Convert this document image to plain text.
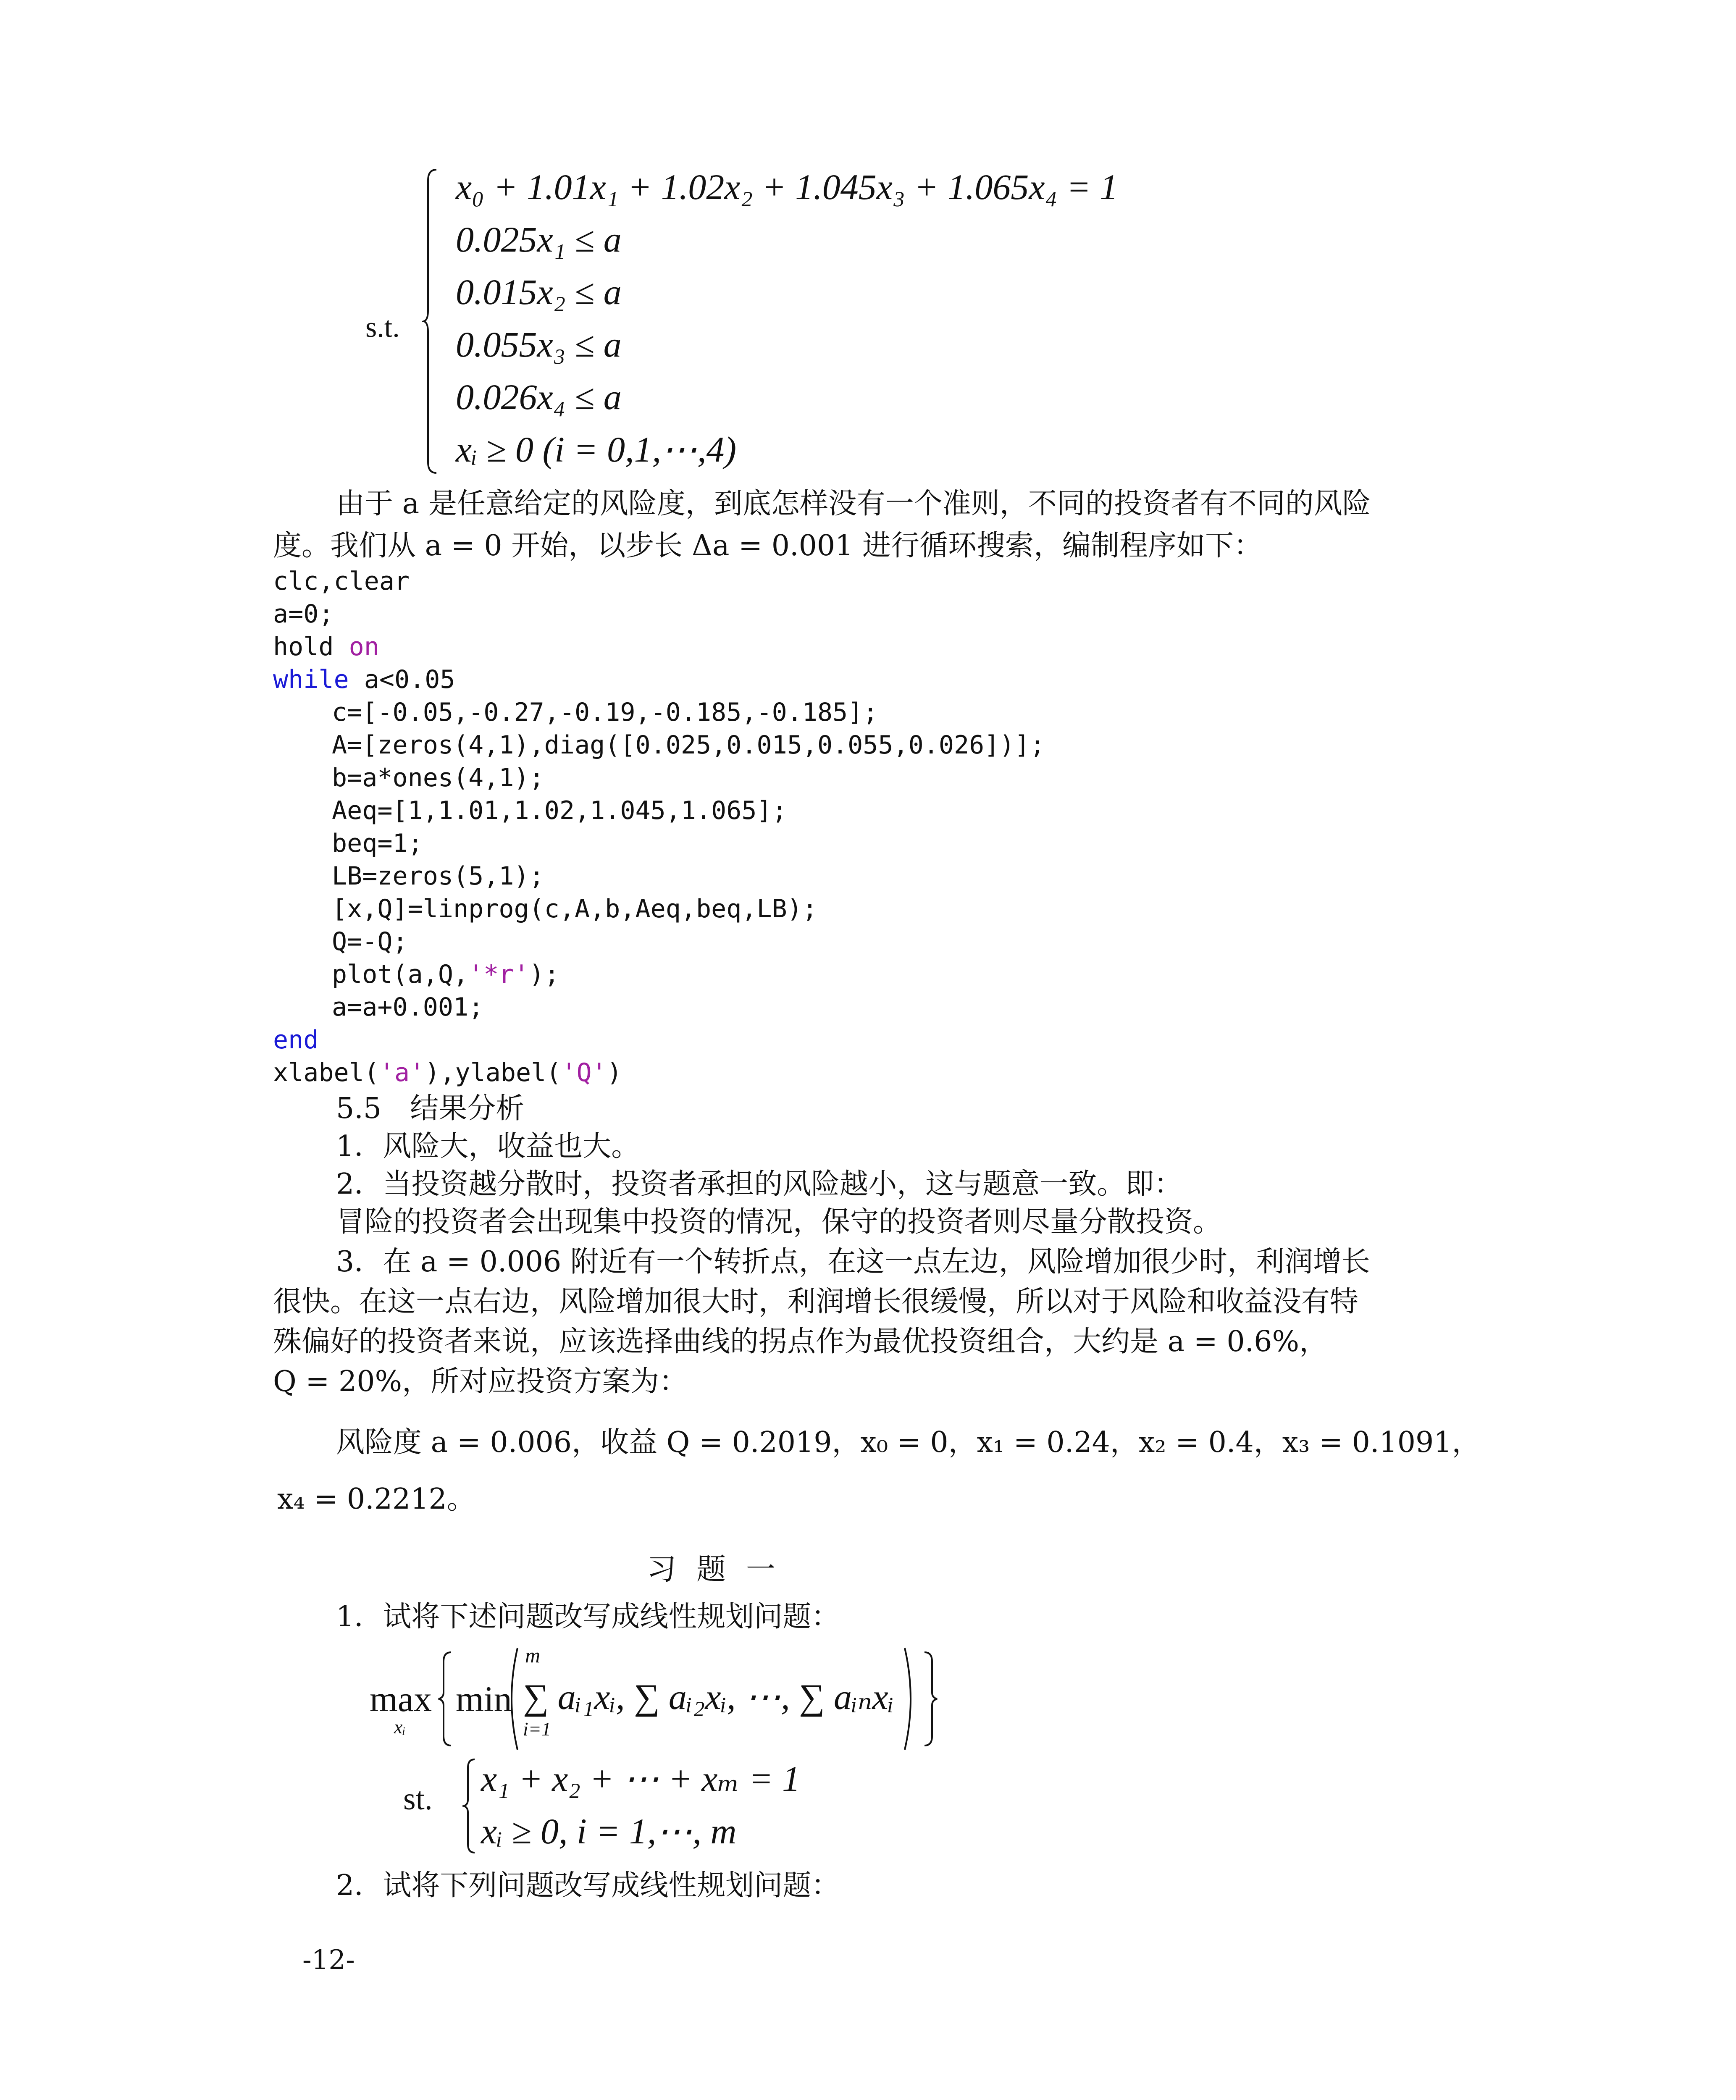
s.t.
x₀ + 1.01x₁ + 1.02x₂ + 1.045x₃ + 1.065x₄ = 1
0.025x₁ ≤ a
0.015x₂ ≤ a
0.055x₃ ≤ a
0.026x₄ ≤ a
xᵢ ≥ 0 (i = 0,1,⋯,4)
由于 a 是任意给定的风险度，到底怎样没有一个准则，不同的投资者有不同的风险
度。我们从 a = 0 开始，以步长 Δa = 0.001 进行循环搜索，编制程序如下：
clc,clear
a=0;
hold on
while a<0.05
c=[-0.05,-0.27,-0.19,-0.185,-0.185];
A=[zeros(4,1),diag([0.025,0.015,0.055,0.026])];
b=a*ones(4,1);
Aeq=[1,1.01,1.02,1.045,1.065];
beq=1;
LB=zeros(5,1);
[x,Q]=linprog(c,A,b,Aeq,beq,LB);
Q=-Q;
plot(a,Q,'*r');
a=a+0.001;
end
xlabel('a'),ylabel('Q')
5.5　结果分析
1．风险大，收益也大。
2．当投资越分散时，投资者承担的风险越小，这与题意一致。即：
冒险的投资者会出现集中投资的情况，保守的投资者则尽量分散投资。
3．在 a = 0.006 附近有一个转折点，在这一点左边，风险增加很少时，利润增长
很快。在这一点右边，风险增加很大时，利润增长很缓慢，所以对于风险和收益没有特
殊偏好的投资者来说，应该选择曲线的拐点作为最优投资组合，大约是 a = 0.6%，
Q = 20%，所对应投资方案为：
风险度 a = 0.006，收益 Q = 0.2019，x₀ = 0，x₁ = 0.24，x₂ = 0.4，x₃ = 0.1091，
x₄ = 0.2212。
习题一
1．试将下述问题改写成线性规划问题：
max
xᵢ
min
m
∑ aᵢ₁xᵢ, ∑ aᵢ₂xᵢ, ⋯, ∑ aᵢₙxᵢ
i=1
st. x₁ + x₂ + ⋯ + xₘ = 1
xᵢ ≥ 0, i = 1,⋯, m
2．试将下列问题改写成线性规划问题：
-12-
